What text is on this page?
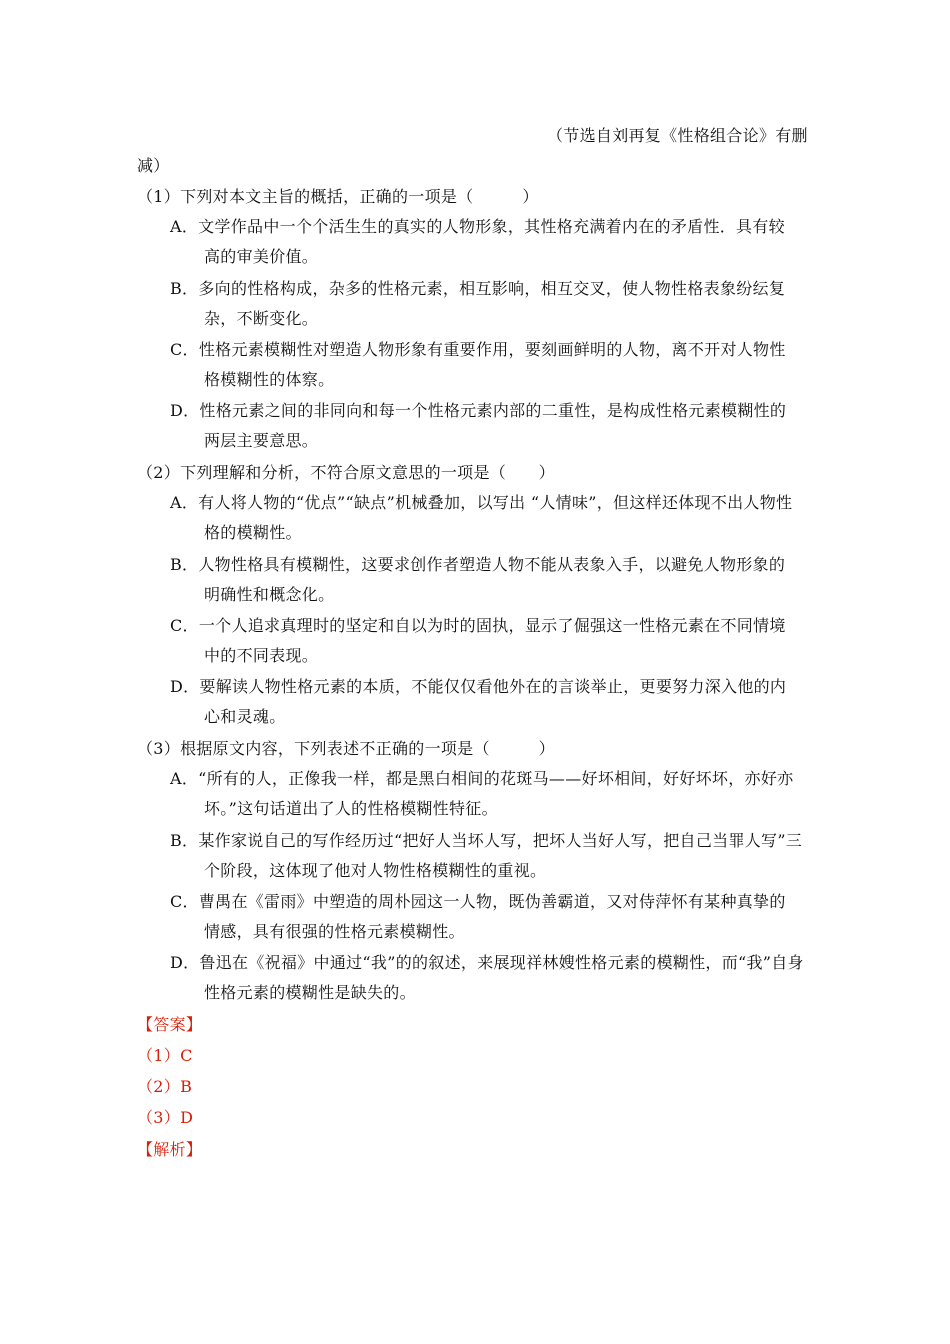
（节选自刘再复《性格组合论》有删
减）
（1）下列对本文主旨的概括，正确的一项是（　　　）
A．文学作品中一个个活生生的真实的人物形象，其性格充满着内在的矛盾性．具有较
高的审美价值。
B．多向的性格构成，杂多的性格元素，相互影响，相互交叉，使人物性格表象纷纭复
杂，不断变化。
C．性格元素模糊性对塑造人物形象有重要作用，要刻画鲜明的人物，离不开对人物性
格模糊性的体察。
D．性格元素之间的非同向和每一个性格元素内部的二重性，是构成性格元素模糊性的
两层主要意思。
（2）下列理解和分析，不符合原文意思的一项是（　　）
A．有人将人物的“优点”“缺点”机械叠加，以写出 “人情味”，但这样还体现不出人物性
格的模糊性。
B．人物性格具有模糊性，这要求创作者塑造人物不能从表象入手，以避免人物形象的
明确性和概念化。
C．一个人追求真理时的坚定和自以为时的固执，显示了倔强这一性格元素在不同情境
中的不同表现。
D．要解读人物性格元素的本质，不能仅仅看他外在的言谈举止，更要努力深入他的内
心和灵魂。
（3）根据原文内容，下列表述不正确的一项是（　　　）
A．“所有的人，正像我一样，都是黑白相间的花斑马——好坏相间，好好坏坏，亦好亦
坏。”这句话道出了人的性格模糊性特征。
B．某作家说自己的写作经历过“把好人当坏人写，把坏人当好人写，把自己当罪人写”三
个阶段，这体现了他对人物性格模糊性的重视。
C．曹禺在《雷雨》中塑造的周朴园这一人物，既伪善霸道，又对侍萍怀有某种真挚的
情感，具有很强的性格元素模糊性。
D．鲁迅在《祝福》中通过“我”的的叙述，来展现祥林嫂性格元素的模糊性，而“我”自身
性格元素的模糊性是缺失的。
【答案】
（1）C
（2）B
（3）D
【解析】
